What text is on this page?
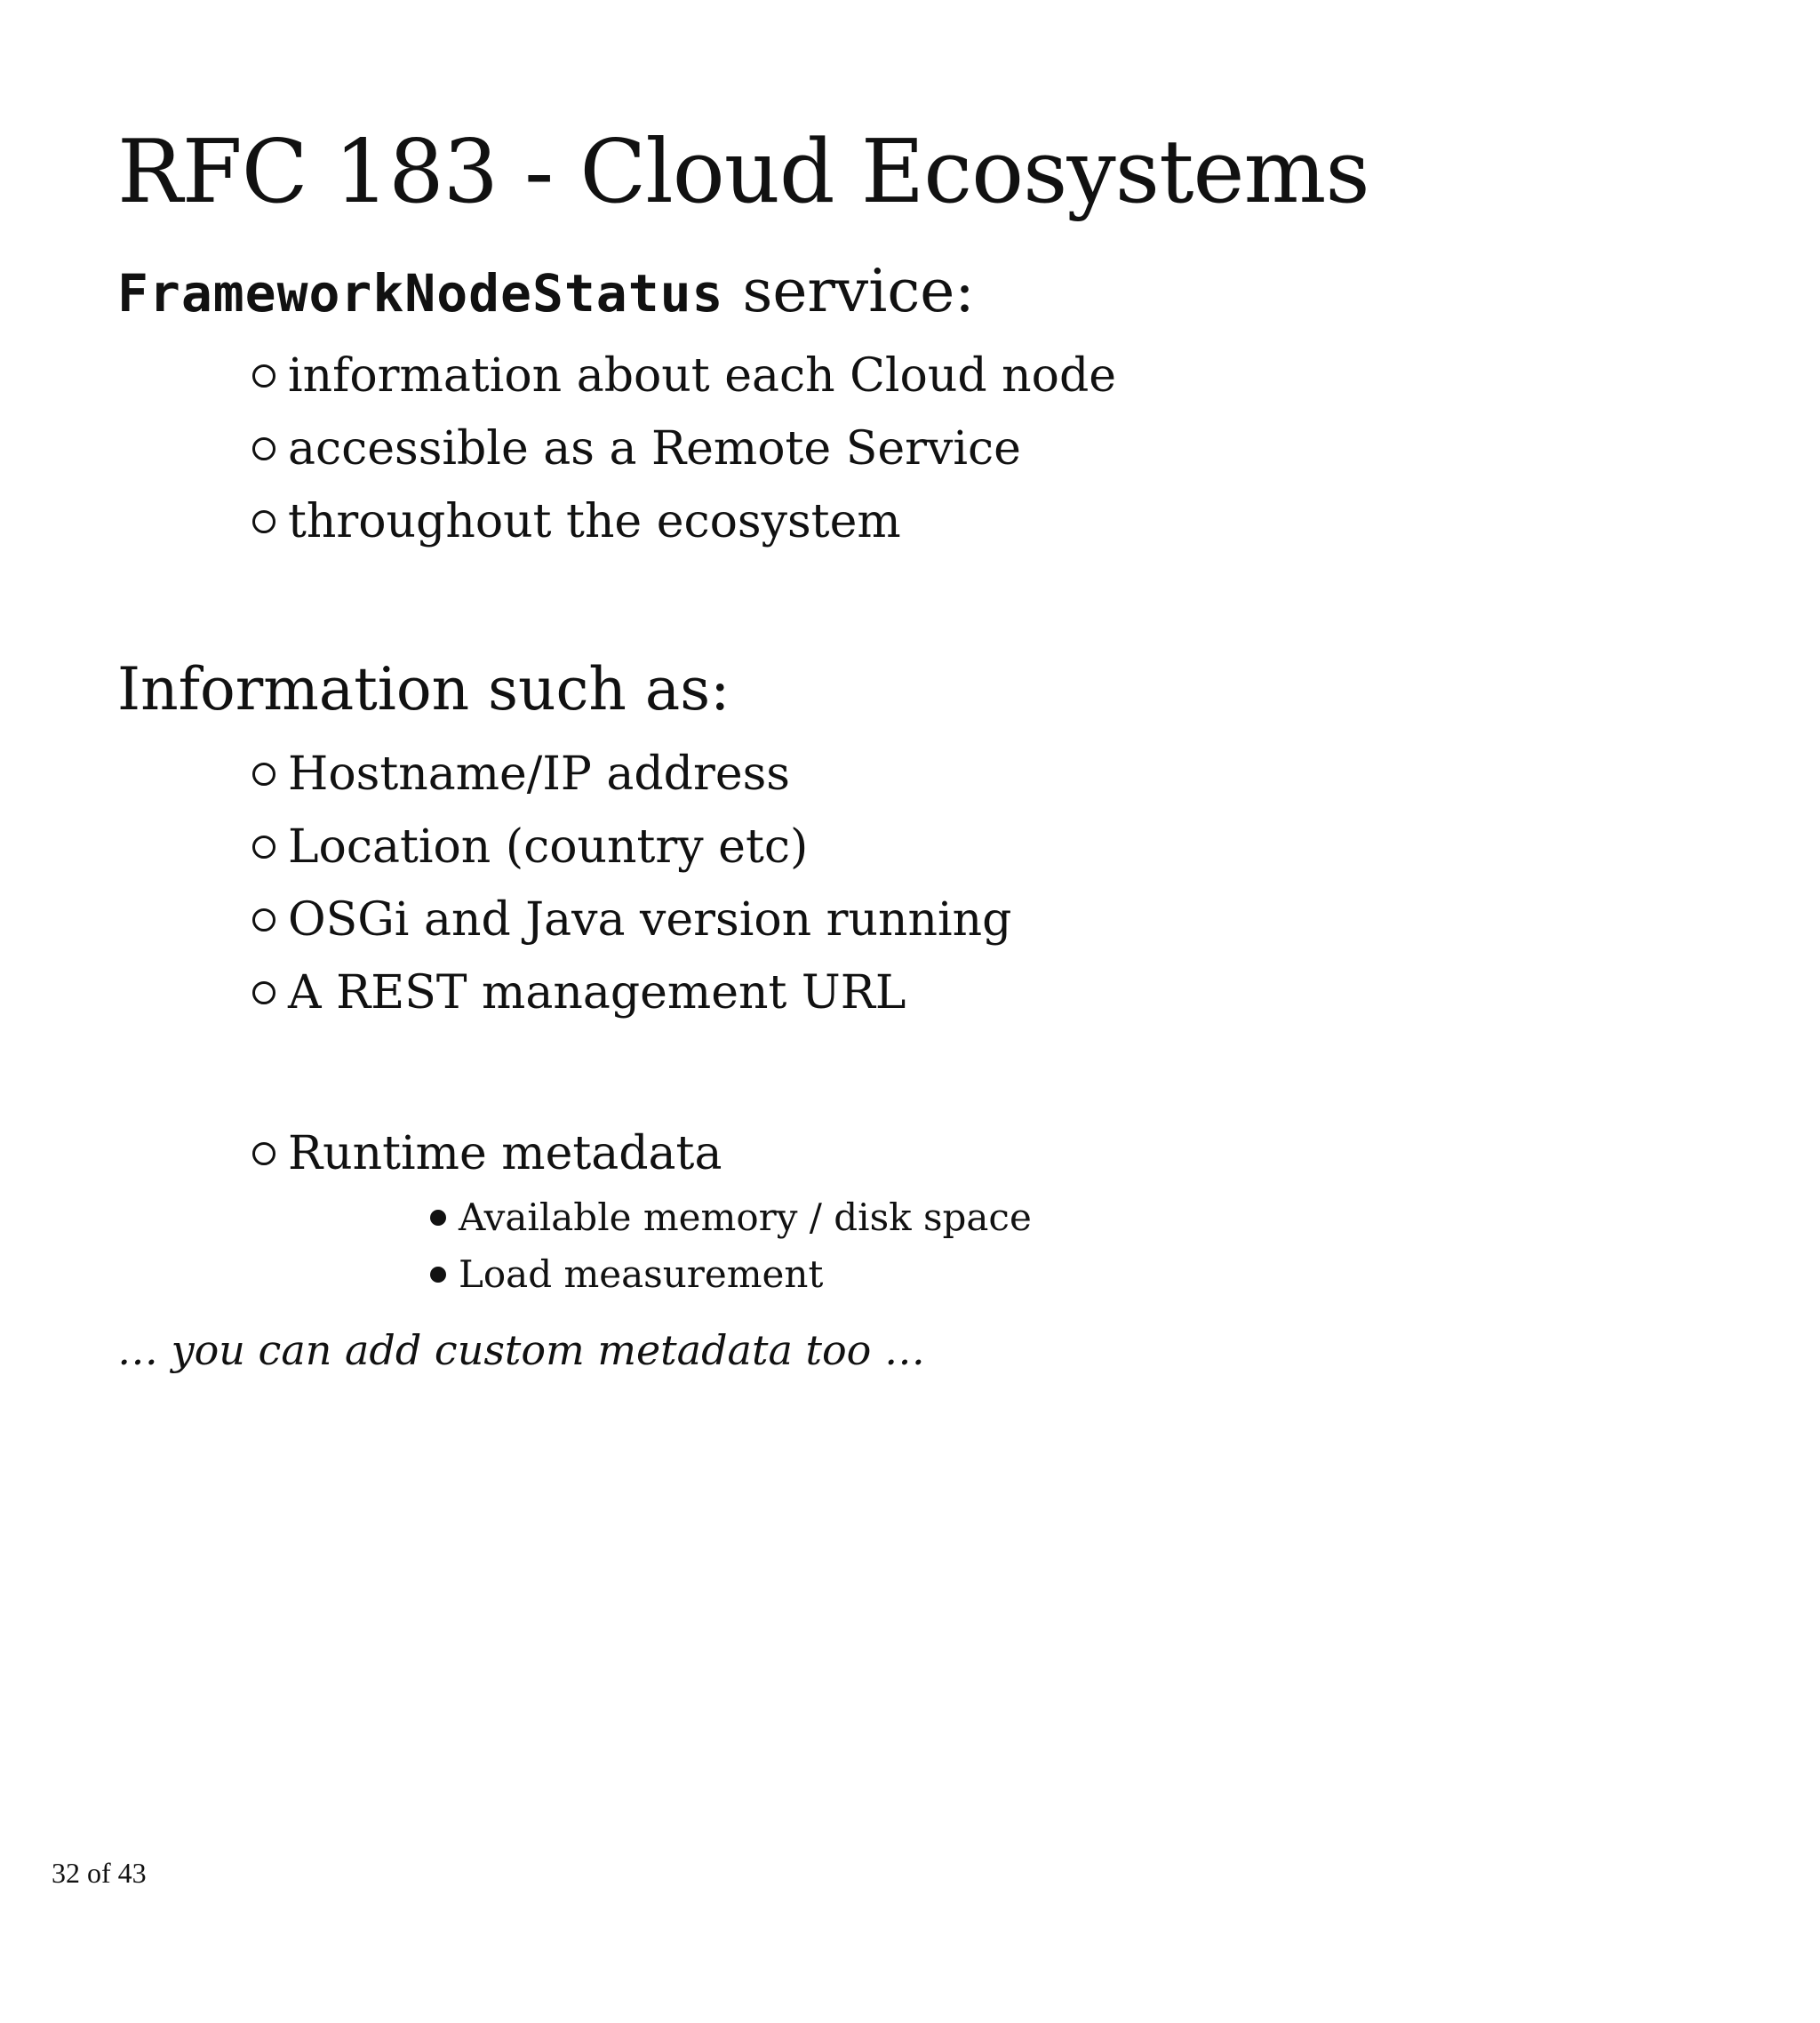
RFC 183 - Cloud Ecosystems
FrameworkNodeStatus service:
information about each Cloud node
accessible as a Remote Service
throughout the ecosystem
Information such as:
Hostname/IP address
Location (country etc)
OSGi and Java version running
A REST management URL
Runtime metadata
Available memory / disk space
Load measurement

… you can add custom metadata too …

32 of 43
